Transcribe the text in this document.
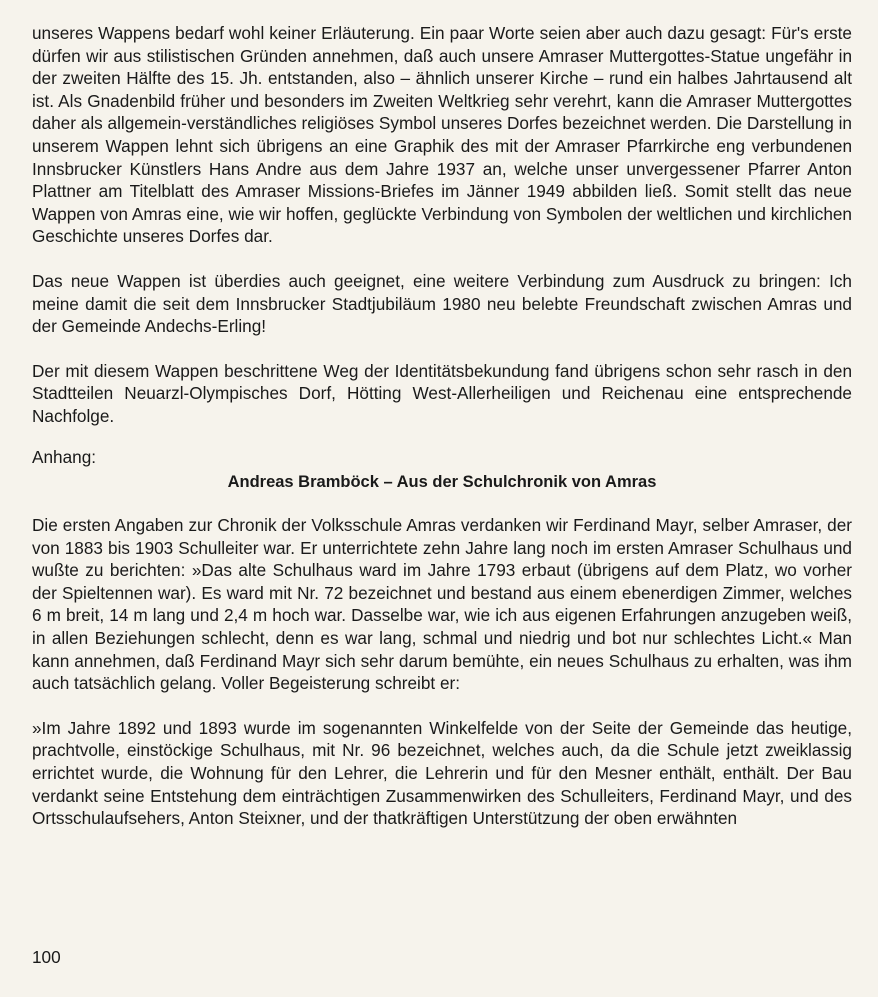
unseres Wappens bedarf wohl keiner Erläuterung. Ein paar Worte seien aber auch dazu gesagt: Für's erste dürfen wir aus stilistischen Gründen annehmen, daß auch unsere Amraser Muttergottes-Statue ungefähr in der zweiten Hälfte des 15. Jh. entstanden, also – ähnlich unserer Kirche – rund ein halbes Jahrtausend alt ist. Als Gnadenbild früher und besonders im Zweiten Weltkrieg sehr verehrt, kann die Amraser Muttergottes daher als allgemein-verständliches religiöses Symbol unseres Dorfes bezeichnet werden. Die Darstellung in unserem Wappen lehnt sich übrigens an eine Graphik des mit der Amraser Pfarrkirche eng verbundenen Innsbrucker Künstlers Hans Andre aus dem Jahre 1937 an, welche unser unvergessener Pfarrer Anton Plattner am Titelblatt des Amraser Missions-Briefes im Jänner 1949 abbilden ließ. Somit stellt das neue Wappen von Amras eine, wie wir hoffen, geglückte Verbindung von Symbolen der weltlichen und kirchlichen Geschichte unseres Dorfes dar.

Das neue Wappen ist überdies auch geeignet, eine weitere Verbindung zum Ausdruck zu bringen: Ich meine damit die seit dem Innsbrucker Stadtjubiläum 1980 neu belebte Freundschaft zwischen Amras und der Gemeinde Andechs-Erling!

Der mit diesem Wappen beschrittene Weg der Identitätsbekundung fand übrigens schon sehr rasch in den Stadtteilen Neuarzl-Olympisches Dorf, Hötting West-Allerheiligen und Reichenau eine entsprechende Nachfolge.

Anhang:

Andreas Bramböck – Aus der Schulchronik von Amras

Die ersten Angaben zur Chronik der Volksschule Amras verdanken wir Ferdinand Mayr, selber Amraser, der von 1883 bis 1903 Schulleiter war. Er unterrichtete zehn Jahre lang noch im ersten Amraser Schulhaus und wußte zu berichten: »Das alte Schulhaus ward im Jahre 1793 erbaut (übrigens auf dem Platz, wo vorher der Spieltennen war). Es ward mit Nr. 72 bezeichnet und bestand aus einem ebenerdigen Zimmer, welches 6 m breit, 14 m lang und 2,4 m hoch war. Dasselbe war, wie ich aus eigenen Erfahrungen anzugeben weiß, in allen Beziehungen schlecht, denn es war lang, schmal und niedrig und bot nur schlechtes Licht.« Man kann annehmen, daß Ferdinand Mayr sich sehr darum bemühte, ein neues Schulhaus zu erhalten, was ihm auch tatsächlich gelang. Voller Begeisterung schreibt er:

»Im Jahre 1892 und 1893 wurde im sogenannten Winkelfelde von der Seite der Gemeinde das heutige, prachtvolle, einstöckige Schulhaus, mit Nr. 96 bezeichnet, welches auch, da die Schule jetzt zweiklassig errichtet wurde, die Wohnung für den Lehrer, die Lehrerin und für den Mesner enthält, enthält. Der Bau verdankt seine Entstehung dem einträchtigen Zusammenwirken des Schulleiters, Ferdinand Mayr, und des Ortsschulaufsehers, Anton Steixner, und der thatkräftigen Unterstützung der oben erwähnten

100
